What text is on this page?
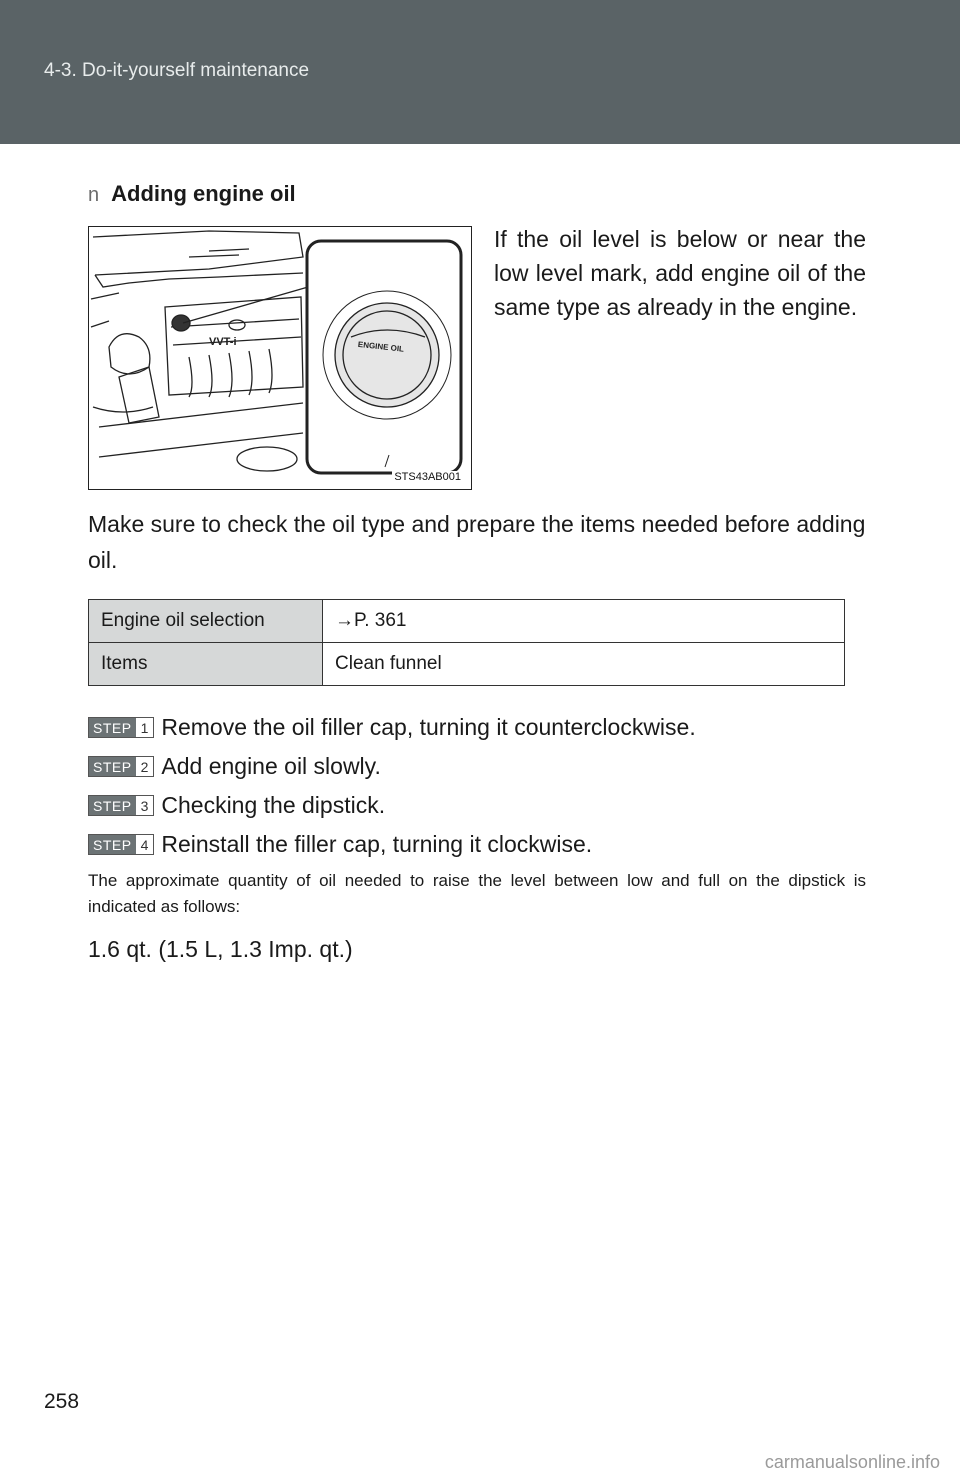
4-3. Do-it-yourself maintenance
n Adding engine oil
VVT-i	ENGINE OIL
STS43AB001
If the oil level is below or near the low level mark, add engine oil of the same type as already in the engine.
Make sure to check the oil type and prepare the items needed before adding oil.
Engine oil selection	→P. 361
Items	Clean funnel
STEP 1 Remove the oil filler cap, turning it counterclockwise.
STEP 2 Add engine oil slowly.
STEP 3 Checking the dipstick.
STEP 4 Reinstall the filler cap, turning it clockwise.
The approximate quantity of oil needed to raise the level between low and full on the dipstick is indicated as follows:
1.6 qt. (1.5 L, 1.3 Imp. qt.)
258
carmanualsonline.info
